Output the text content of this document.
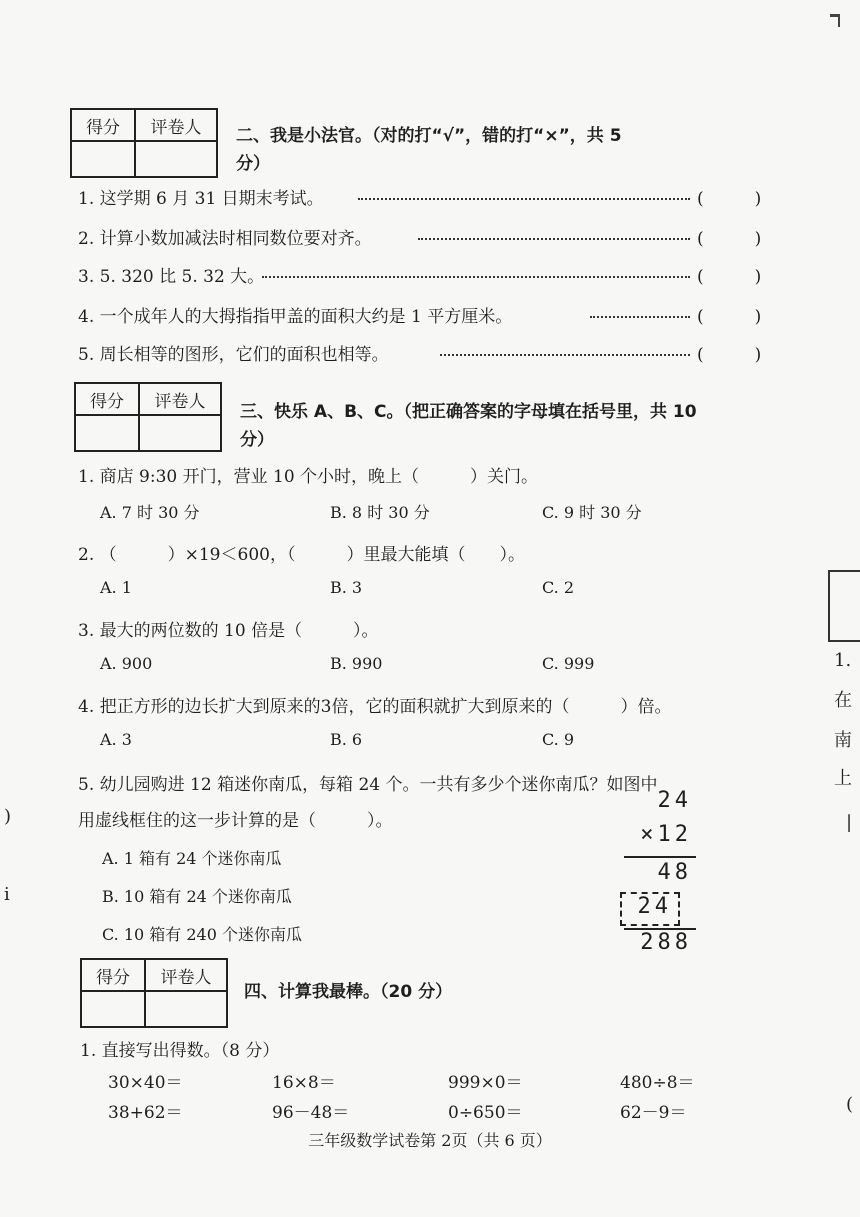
)
i
1.
在
南
上
|
(
得分	评卷人
	二、我是小法官。（对的打“√”，错的打“×”，共 5
分）
1. 这学期 6 月 31 日期末考试。	(　　　)
2. 计算小数加减法时相同数位要对齐。	(　　　)
3. 5. 320 比 5. 32 大。	(　　　)
4. 一个成年人的大拇指指甲盖的面积大约是 1 平方厘米。	(　　　)
5. 周长相等的图形，它们的面积也相等。	(　　　)
得分	评卷人

三、快乐 A、B、C。（把正确答案的字母填在括号里，共 10
分）
1. 商店 9:30 开门，营业 10 个小时，晚上（　　　）关门。
A. 7 时 30 分	B. 8 时 30 分	C. 9 时 30 分
2. （　　　）×19＜600，（　　　）里最大能填（　　）。
A. 1	B. 3	C. 2
3. 最大的两位数的 10 倍是（　　　）。
A. 900	B. 990	C. 999
4. 把正方形的边长扩大到原来的3倍，它的面积就扩大到原来的（　　　）倍。
A. 3	B. 6	C. 9
5. 幼儿园购进 12 箱迷你南瓜，每箱 24 个。一共有多少个迷你南瓜？如图中
用虚线框住的这一步计算的是（　　　）。
A. 1 箱有 24 个迷你南瓜
B. 10 箱有 24 个迷你南瓜
C. 10 箱有 240 个迷你南瓜
24
×12
48
24
288
得分	评卷人

四、计算我最棒。（20 分）
1. 直接写出得数。（8 分）
30×40＝	16×8＝	999×0＝	480÷8＝
38+62＝	96－48＝	0÷650＝	62－9＝
三年级数学试卷第 2页（共 6 页）
